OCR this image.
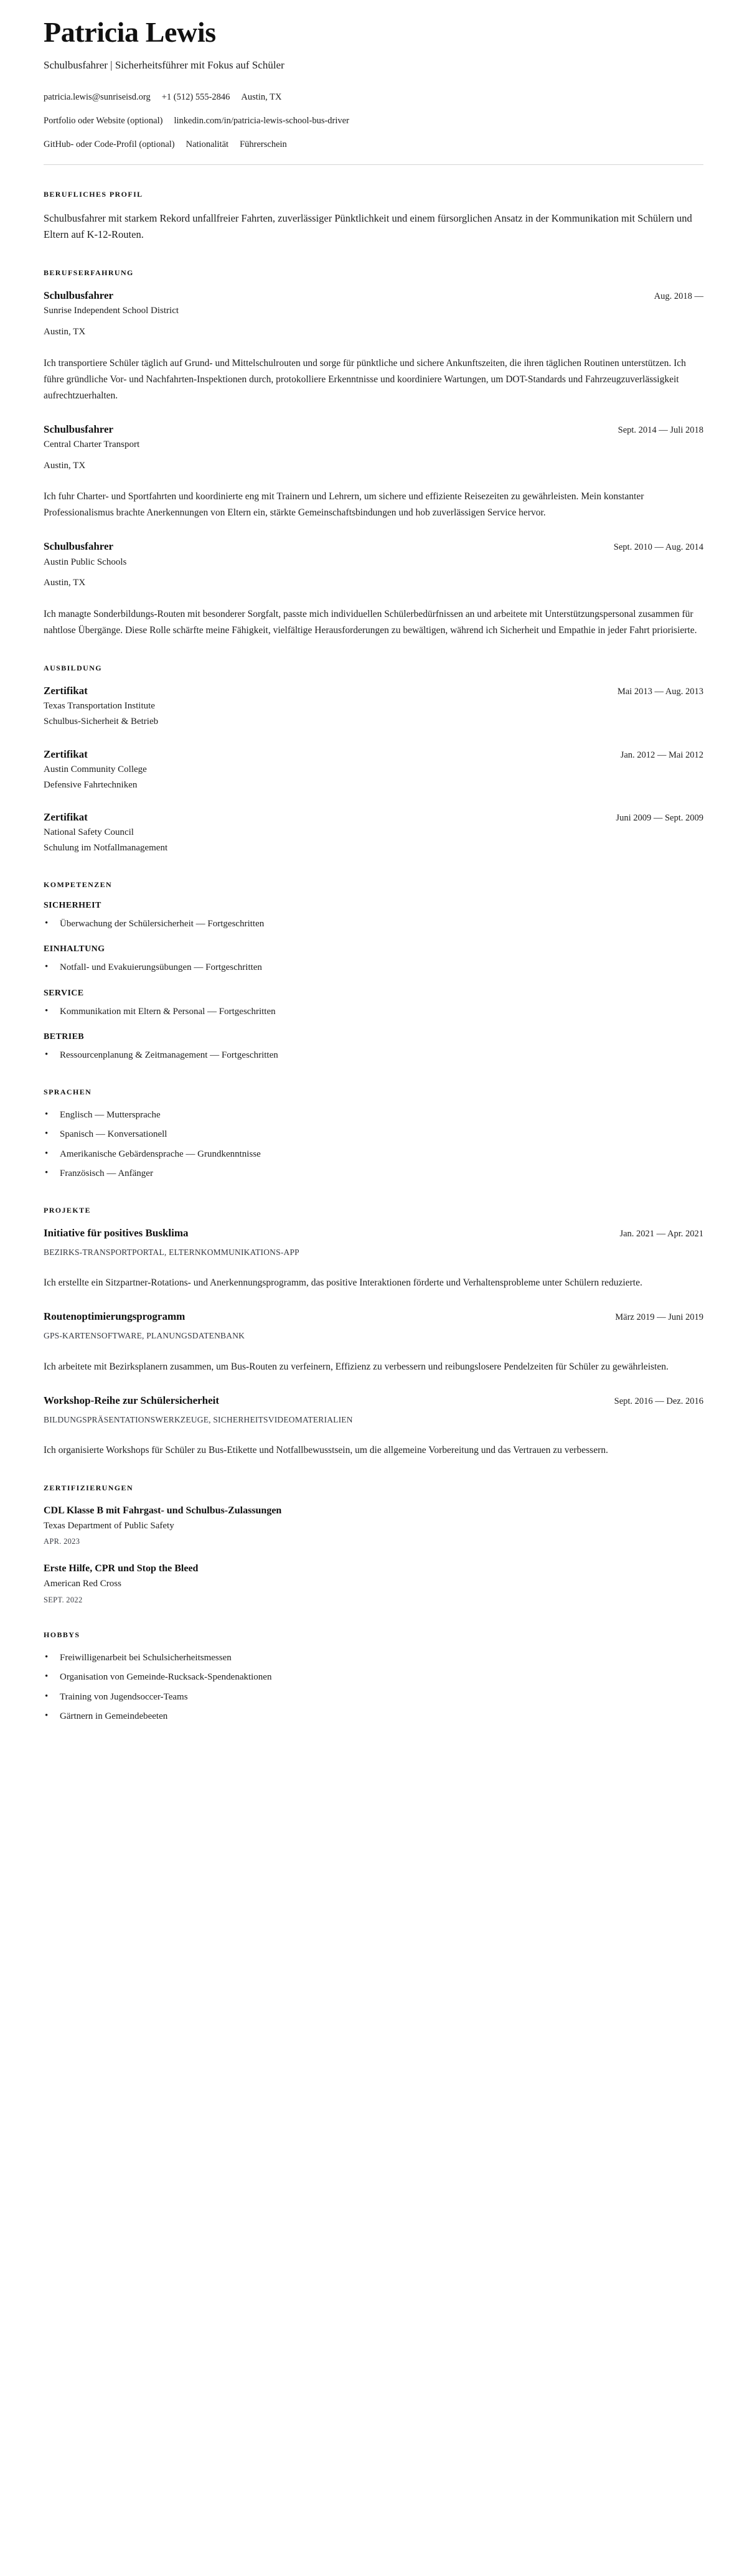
Patricia Lewis
Schulbusfahrer | Sicherheitsführer mit Fokus auf Schüler
patricia.lewis@sunriseisd.org +1 (512) 555-2846 Austin, TX
Portfolio oder Website (optional) linkedin.com/in/patricia-lewis-school-bus-driver
GitHub- oder Code-Profil (optional) Nationalität Führerschein
BERUFLICHES PROFIL

Schulbusfahrer mit starkem Rekord unfallfreier Fahrten, zuverlässiger Pünktlichkeit und einem fürsorglichen Ansatz in der Kommunikation mit Schülern und Eltern auf K-12-Routen.

BERUFSERFAHRUNG
Schulbusfahrer	Aug. 2018 —
Sunrise Independent School District
Austin, TX
Ich transportiere Schüler täglich auf Grund- und Mittelschulrouten und sorge für pünktliche und sichere Ankunftszeiten, die ihren täglichen Routinen unterstützen. Ich führe gründliche Vor- und Nachfahrten-Inspektionen durch, protokolliere Erkenntnisse und koordiniere Wartungen, um DOT-Standards und Fahrzeugzuverlässigkeit aufrechtzuerhalten.
Schulbusfahrer	Sept. 2014 — Juli 2018
Central Charter Transport
Austin, TX
Ich fuhr Charter- und Sportfahrten und koordinierte eng mit Trainern und Lehrern, um sichere und effiziente Reisezeiten zu gewährleisten. Mein konstanter Professionalismus brachte Anerkennungen von Eltern ein, stärkte Gemeinschaftsbindungen und hob zuverlässigen Service hervor.
Schulbusfahrer	Sept. 2010 — Aug. 2014
Austin Public Schools
Austin, TX
Ich managte Sonderbildungs-Routen mit besonderer Sorgfalt, passte mich individuellen Schülerbedürfnissen an und arbeitete mit Unterstützungspersonal zusammen für nahtlose Übergänge. Diese Rolle schärfte meine Fähigkeit, vielfältige Herausforderungen zu bewältigen, während ich Sicherheit und Empathie in jeder Fahrt priorisierte.
AUSBILDUNG
Zertifikat	Mai 2013 — Aug. 2013
Texas Transportation Institute
Schulbus-Sicherheit & Betrieb
Zertifikat	Jan. 2012 — Mai 2012
Austin Community College
Defensive Fahrtechniken
Zertifikat	Juni 2009 — Sept. 2009
National Safety Council
Schulung im Notfallmanagement
KOMPETENZEN
SICHERHEIT
• Überwachung der Schülersicherheit — Fortgeschritten
EINHALTUNG
• Notfall- und Evakuierungsübungen — Fortgeschritten
SERVICE
• Kommunikation mit Eltern & Personal — Fortgeschritten
BETRIEB
• Ressourcenplanung & Zeitmanagement — Fortgeschritten
SPRACHEN
• Englisch — Muttersprache
• Spanisch — Konversationell
• Amerikanische Gebärdensprache — Grundkenntnisse
• Französisch — Anfänger
PROJEKTE
Initiative für positives Busklima	Jan. 2021 — Apr. 2021
BEZIRKS-TRANSPORTPORTAL, ELTERNKOMMUNIKATIONS-APP
Ich erstellte ein Sitzpartner-Rotations- und Anerkennungsprogramm, das positive Interaktionen förderte und Verhaltensprobleme unter Schülern reduzierte.
Routenoptimierungsprogramm	März 2019 — Juni 2019
GPS-KARTENSOFTWARE, PLANUNGSDATENBANK
Ich arbeitete mit Bezirksplanern zusammen, um Bus-Routen zu verfeinern, Effizienz zu verbessern und reibungslosere Pendelzeiten für Schüler zu gewährleisten.
Workshop-Reihe zur Schülersicherheit	Sept. 2016 — Dez. 2016
BILDUNGSPRÄSENTATIONSWERKZEUGE, SICHERHEITSVIDEOMATERIALIEN
Ich organisierte Workshops für Schüler zu Bus-Etikette und Notfallbewusstsein, um die allgemeine Vorbereitung und das Vertrauen zu verbessern.
ZERTIFIZIERUNGEN
CDL Klasse B mit Fahrgast- und Schulbus-Zulassungen
Texas Department of Public Safety
APR. 2023
Erste Hilfe, CPR und Stop the Bleed
American Red Cross
SEPT. 2022
HOBBYS
• Freiwilligenarbeit bei Schulsicherheitsmessen
• Organisation von Gemeinde-Rucksack-Spendenaktionen
• Training von Jugendsoccer-Teams
• Gärtnern in Gemeindebeeten
